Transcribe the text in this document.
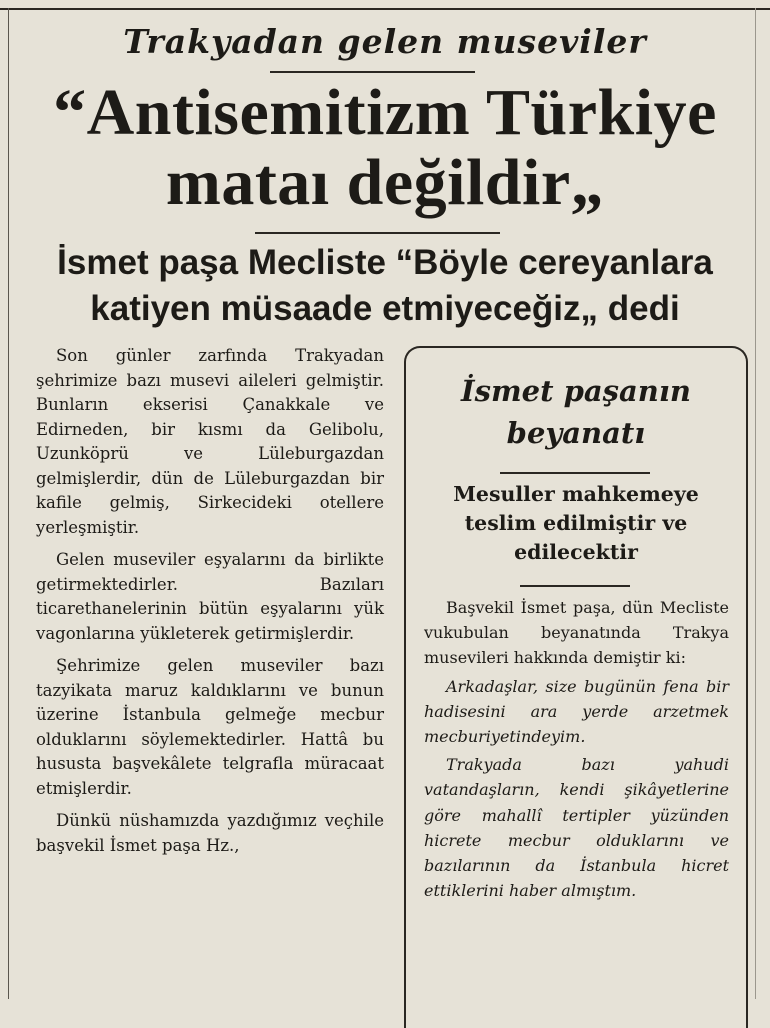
Trakyadan gelen museviler
“Antisemitizm Türkiye
mataı değildir„
İsmet paşa Mecliste “Böyle cereyanlara
katiyen müsaade etmiyeceğiz„ dedi

Son günler zarfında Trakyadan şehrimize bazı musevi aileleri gelmiştir. Bunların ekserisi Çanakkale ve Edirneden, bir kısmı da Gelibolu, Uzunköprü ve Lüleburgazdan gelmişlerdir, dün de Lüleburgazdan bir kafile gelmiş, Sirkecideki otellere yerleşmiştir.

Gelen museviler eşyalarını da birlikte getirmektedirler. Bazıları ticarethanelerinin bütün eşyalarını yük vagonlarına yükleterek getirmişlerdir.

Şehrimize gelen museviler bazı tazyikata maruz kaldıklarını ve bunun üzerine İstanbula gelmeğe mecbur olduklarını söylemektedirler. Hattâ bu hususta başvekâlete telgrafla müracaat etmişlerdir.

Dünkü nüshamızda yazdığımız veçhile başvekil İsmet paşa Hz.,

İsmet paşanın
beyanatı
Mesuller mahkemeye
teslim edilmiştir ve
edilecektir

Başvekil İsmet paşa, dün Mecliste vukubulan beyanatında Trakya musevileri hakkında demiştir ki:

Arkadaşlar, size bugünün fena bir hadisesini ara yerde arzetmek mecburiyetindeyim.

Trakyada bazı yahudi vatandaşların, kendi şikâyetlerine göre mahallî tertipler yüzünden hicrete mecbur olduklarını ve bazılarının da İstanbula hicret ettiklerini haber almıştım.
